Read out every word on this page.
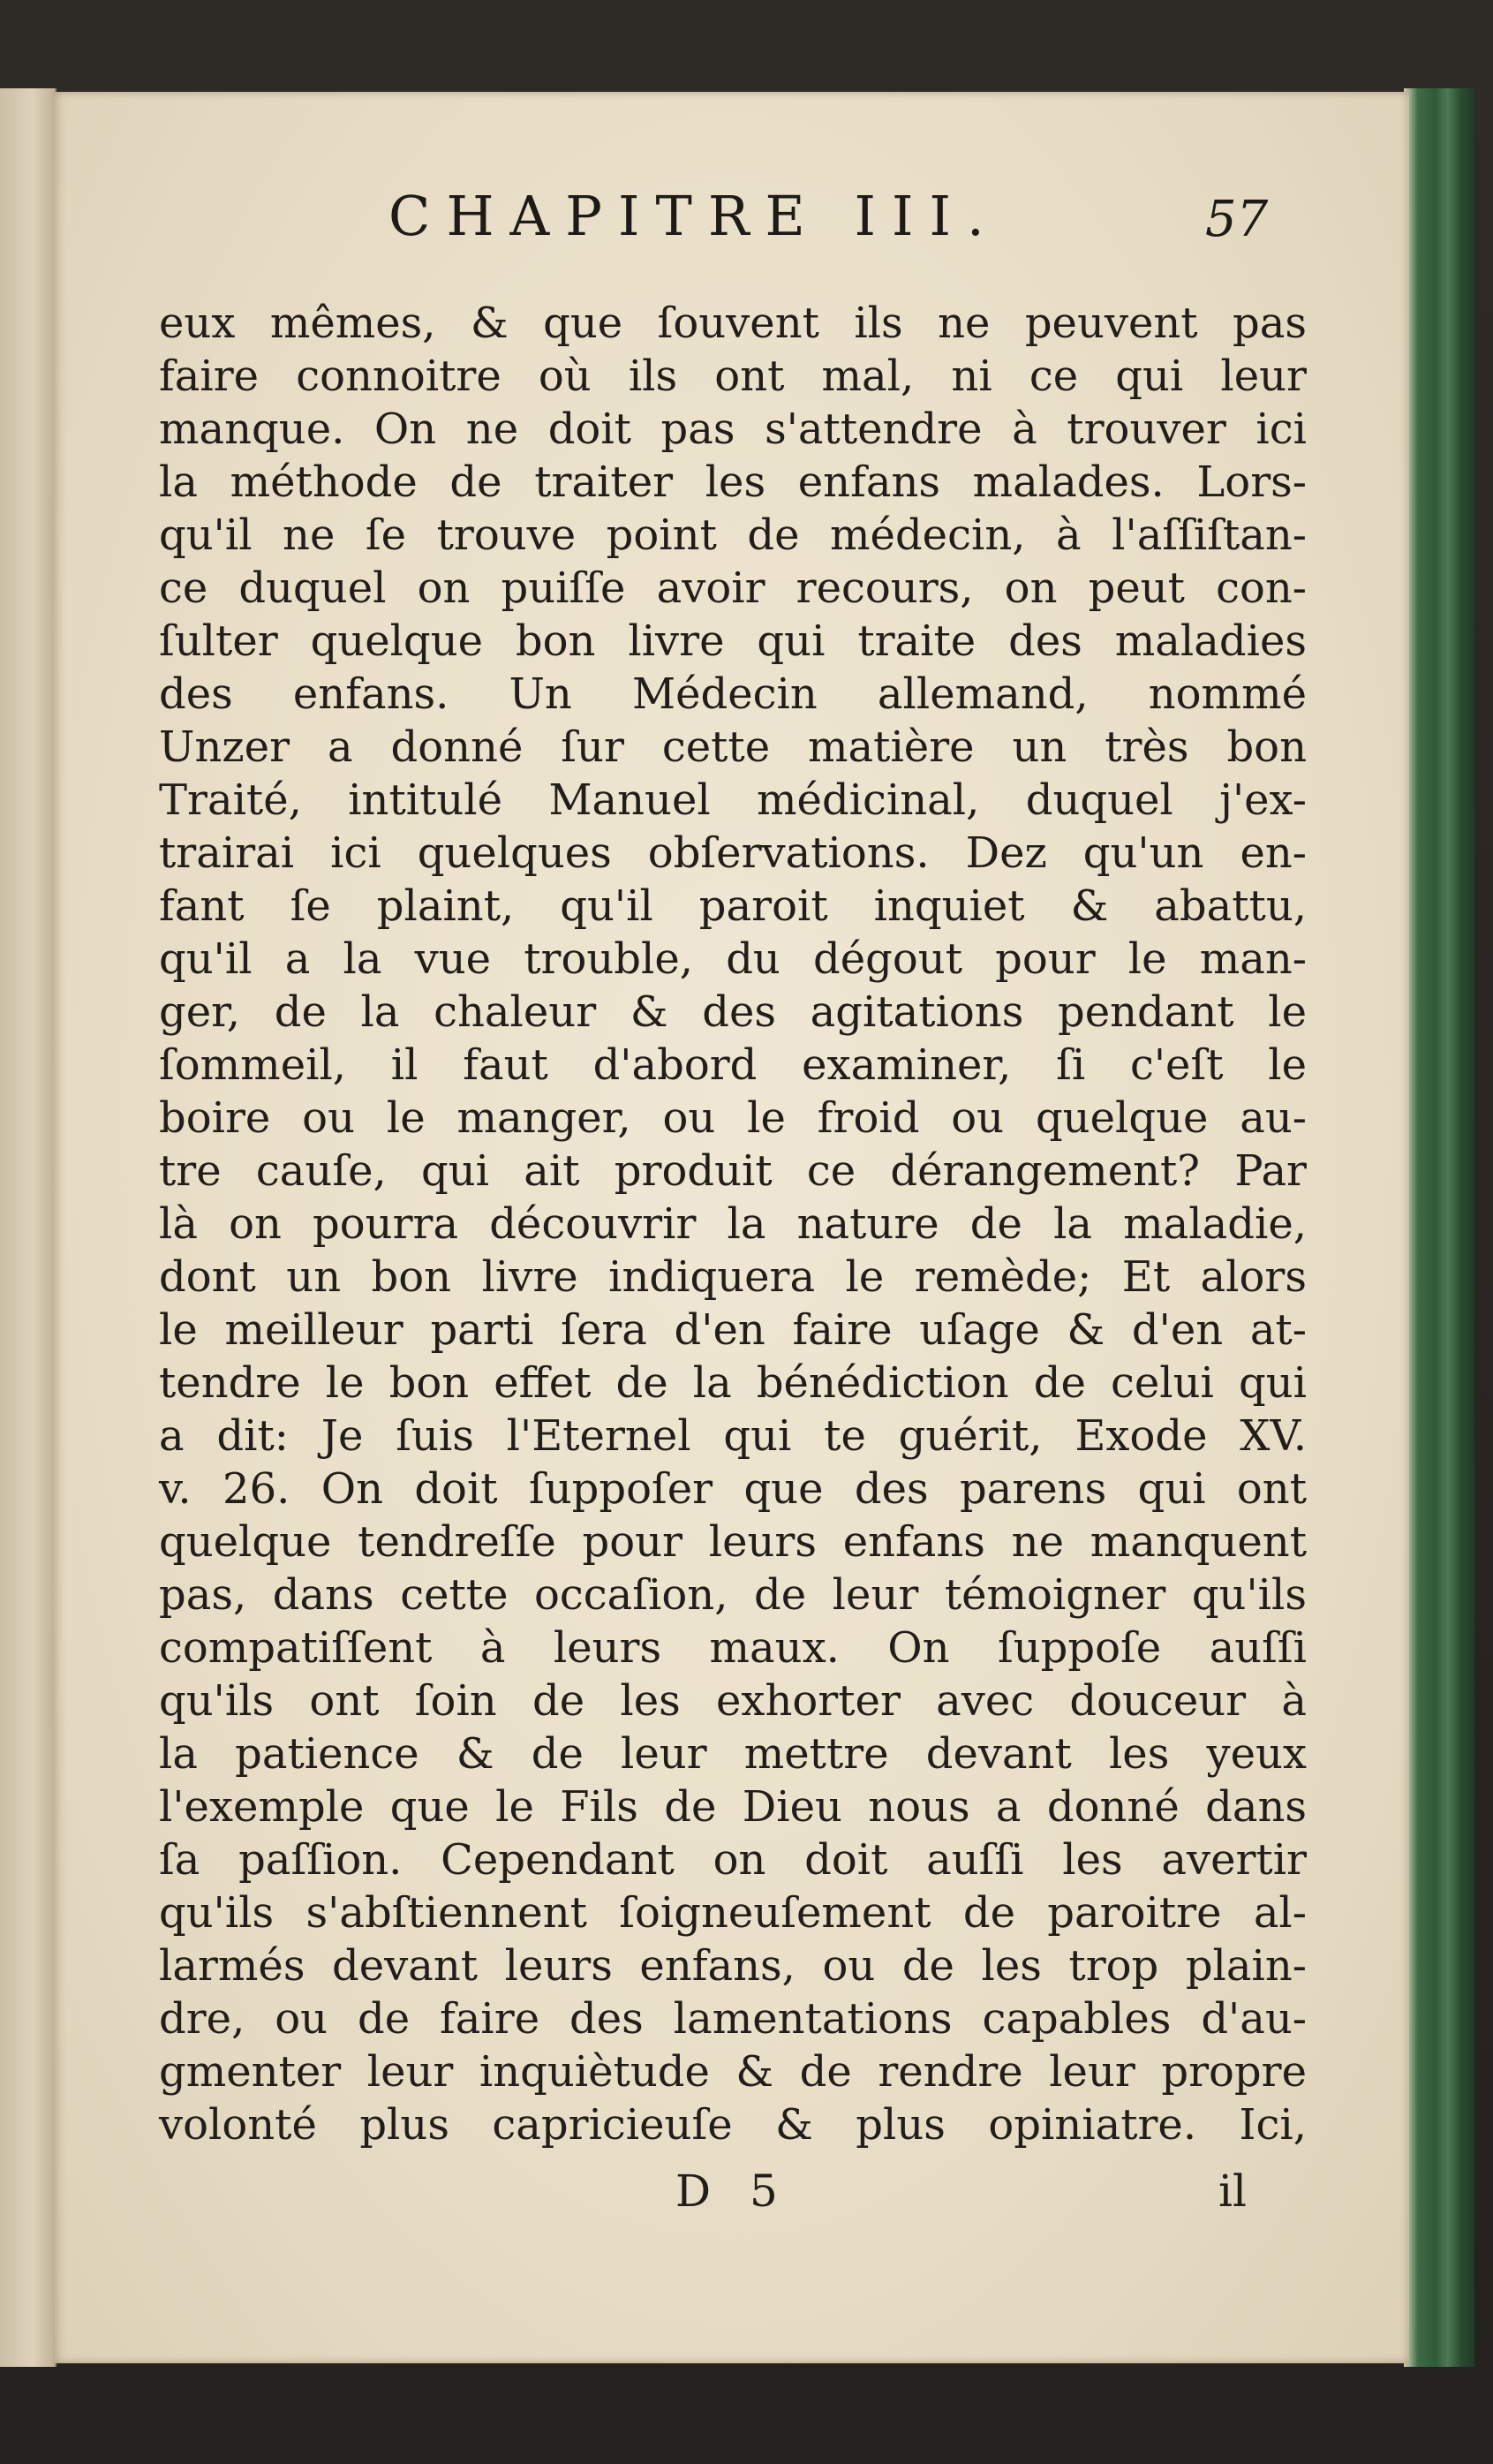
CHAPITRE III.	57
eux mêmes, & que ſouvent ils ne peuvent pas
faire connoitre où ils ont mal, ni ce qui leur
manque. On ne doit pas s'attendre à trouver ici
la méthode de traiter les enfans malades. Lors-
qu'il ne ſe trouve point de médecin, à l'aſſiſtan-
ce duquel on puiſſe avoir recours, on peut con-
ſulter quelque bon livre qui traite des maladies
des enfans. Un Médecin allemand, nommé
Unzer a donné ſur cette matière un très bon
Traité, intitulé Manuel médicinal, duquel j'ex-
trairai ici quelques obſervations. Dez qu'un en-
fant ſe plaint, qu'il paroit inquiet & abattu,
qu'il a la vue trouble, du dégout pour le man-
ger, de la chaleur & des agitations pendant le
ſommeil, il faut d'abord examiner, ſi c'eſt le
boire ou le manger, ou le froid ou quelque au-
tre cauſe, qui ait produit ce dérangement? Par
là on pourra découvrir la nature de la maladie,
dont un bon livre indiquera le remède; Et alors
le meilleur parti ſera d'en faire uſage & d'en at-
tendre le bon effet de la bénédiction de celui qui
a dit: Je ſuis l'Eternel qui te guérit, Exode XV.
v. 26. On doit ſuppoſer que des parens qui ont
quelque tendreſſe pour leurs enfans ne manquent
pas, dans cette occaſion, de leur témoigner qu'ils
compatiſſent à leurs maux. On ſuppoſe auſſi
qu'ils ont ſoin de les exhorter avec douceur à
la patience & de leur mettre devant les yeux
l'exemple que le Fils de Dieu nous a donné dans
ſa paſſion. Cependant on doit auſſi les avertir
qu'ils s'abſtiennent ſoigneuſement de paroitre al-
larmés devant leurs enfans, ou de les trop plain-
dre, ou de faire des lamentations capables d'au-
gmenter leur inquiètude & de rendre leur propre
volonté plus capricieuſe & plus opiniatre. Ici,
D 5	il
